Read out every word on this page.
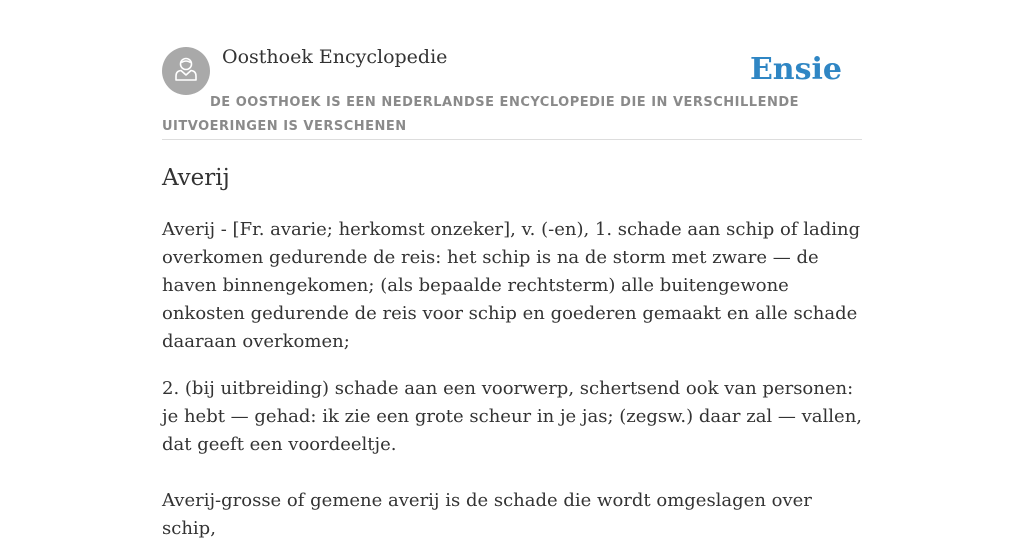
Oosthoek Encyclopedie	Ensie
DE OOSTHOEK IS EEN NEDERLANDSE ENCYCLOPEDIE DIE IN VERSCHILLENDE UITVOERINGEN IS VERSCHENEN
Averij

Averij - [Fr. avarie; herkomst onzeker], v. (-en), 1. schade aan schip of lading overkomen gedurende de reis: het schip is na de storm met zware — de haven binnengekomen; (als bepaalde rechtsterm) alle buitengewone onkosten gedurende de reis voor schip en goederen gemaakt en alle schade daaraan overkomen;

2. (bij uitbreiding) schade aan een voorwerp, schertsend ook van personen: je hebt — gehad: ik zie een grote scheur in je jas; (zegsw.) daar zal — vallen, dat geeft een voordeeltje.

Averij-grosse of gemene averij is de schade die wordt omgeslagen over schip,
